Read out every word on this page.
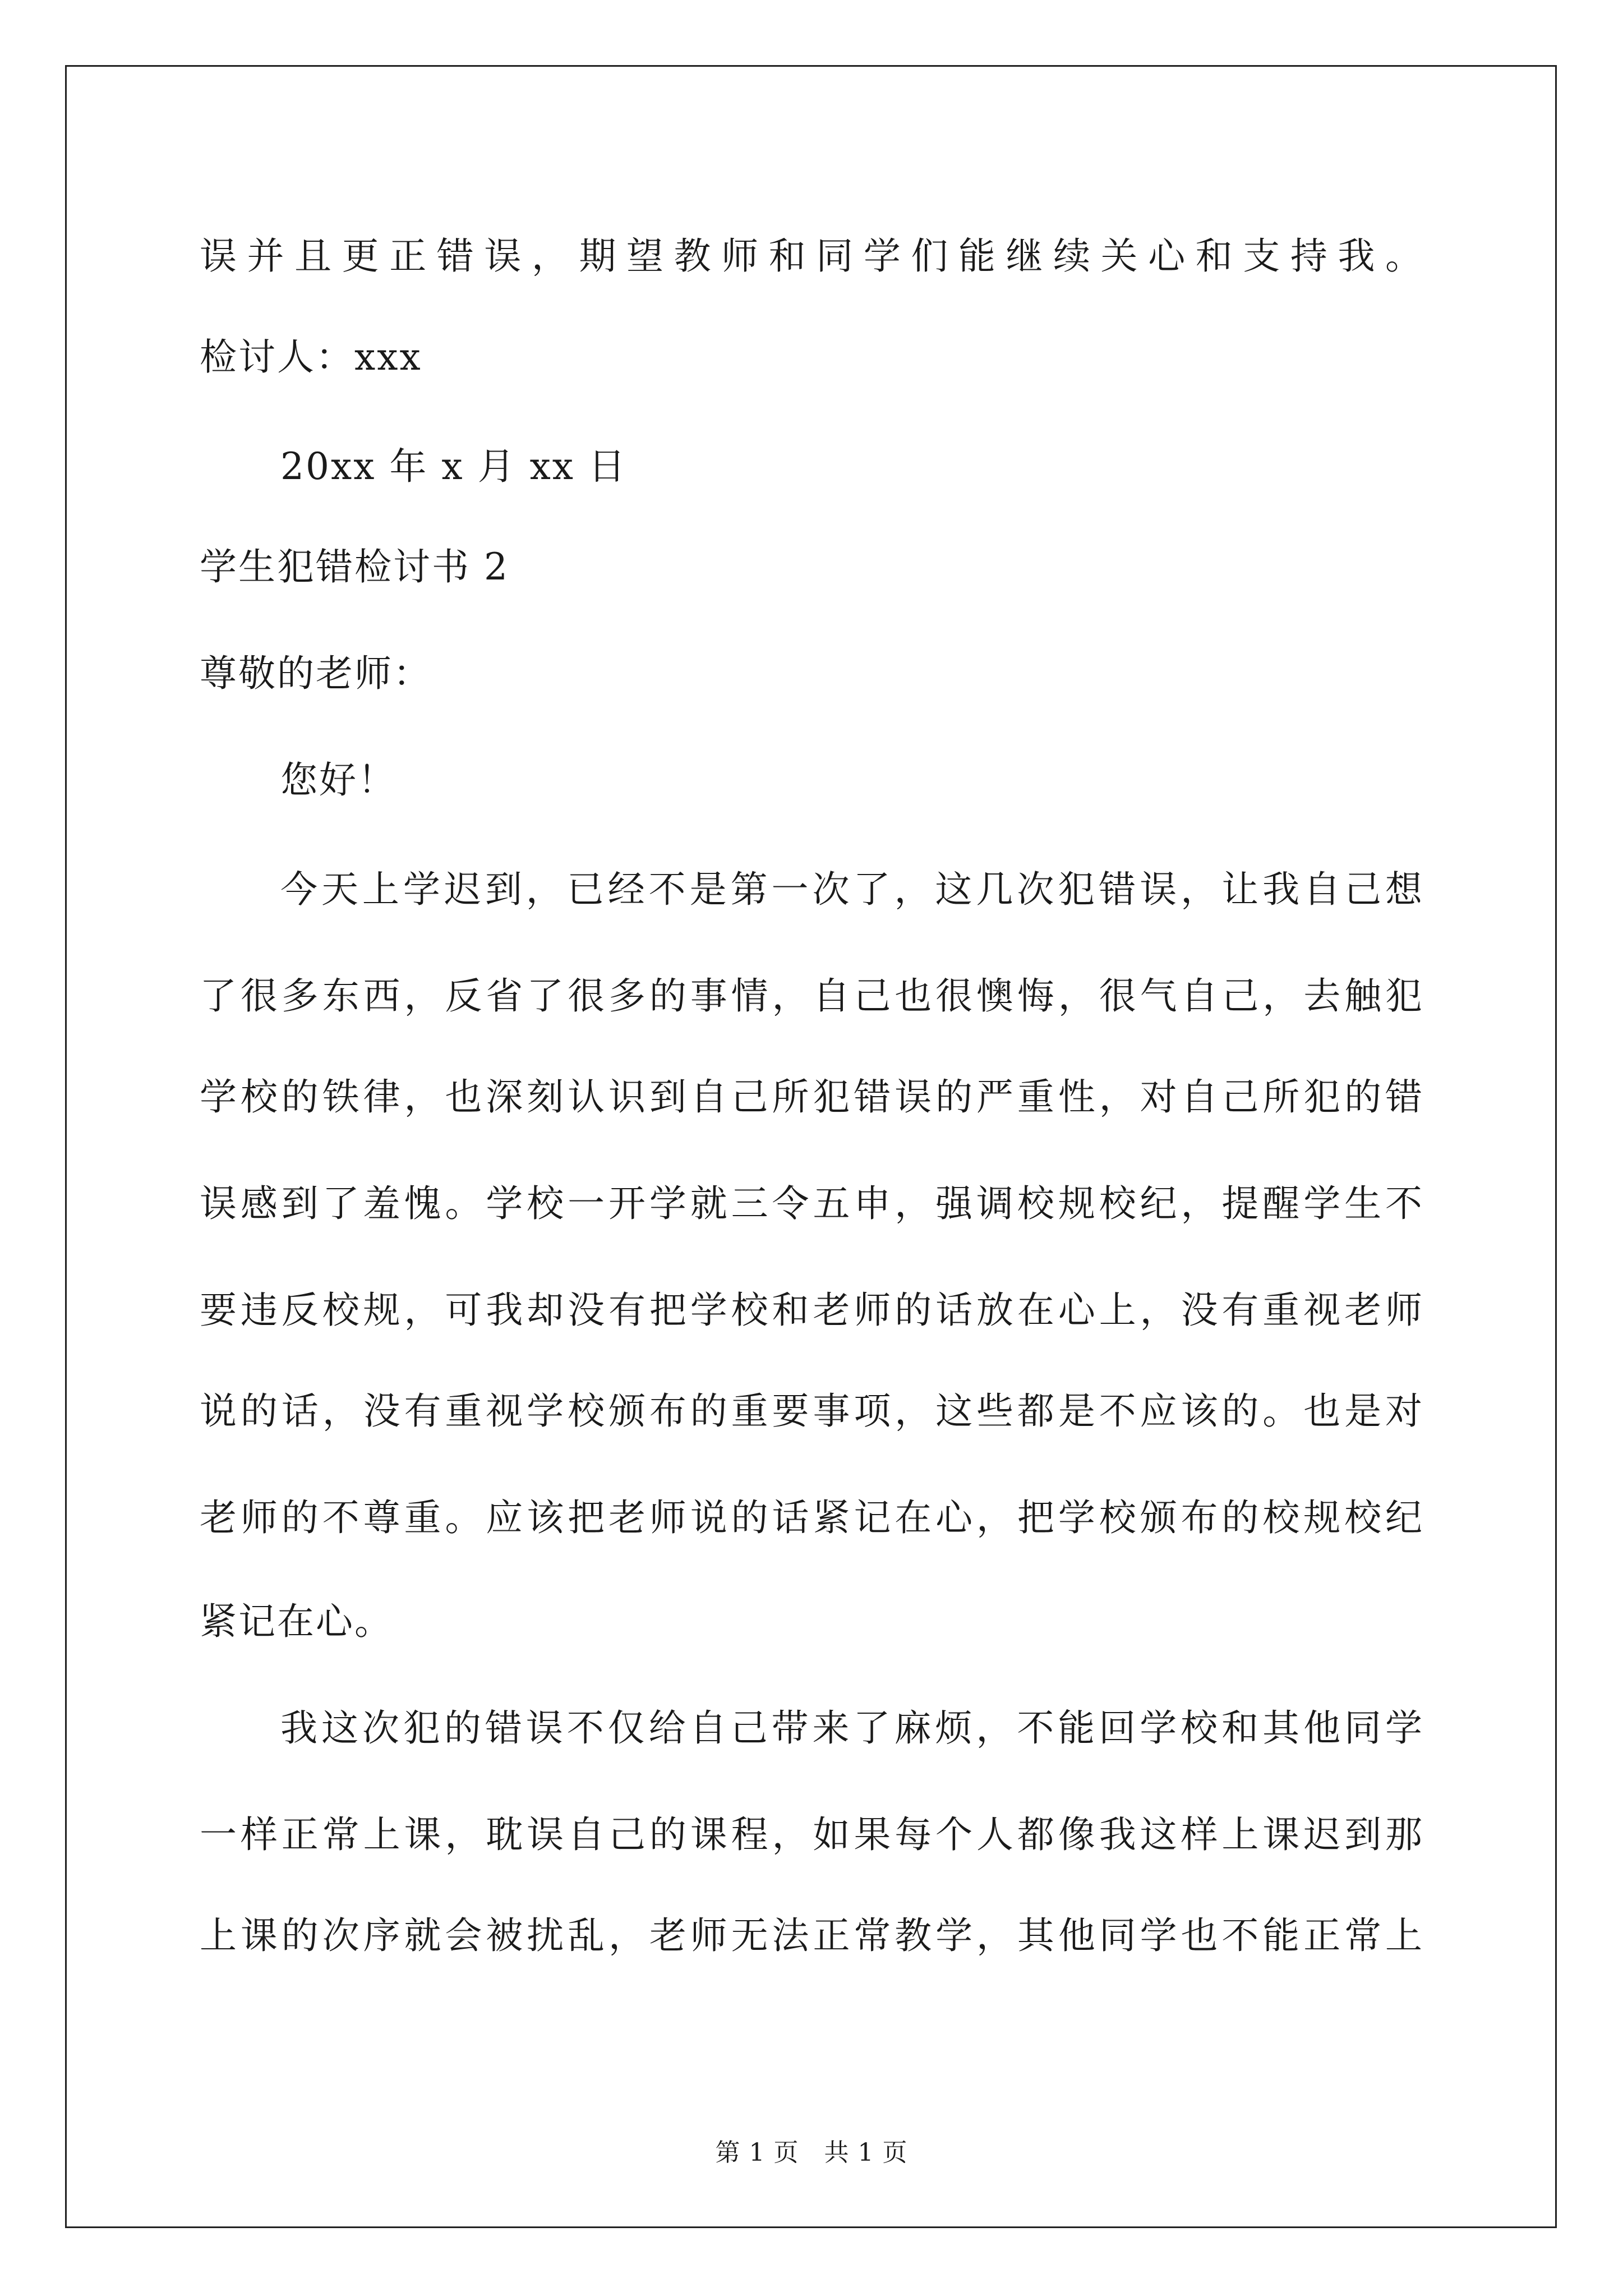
误并且更正错误，期望教师和同学们能继续关心和支持我。
检讨人：xxx
20xx 年 x 月 xx 日
学生犯错检讨书 2
尊敬的老师：
您好！
今天上学迟到，已经不是第一次了，这几次犯错误，让我自己想
了很多东西，反省了很多的事情，自己也很懊悔，很气自己，去触犯
学校的铁律，也深刻认识到自己所犯错误的严重性，对自己所犯的错
误感到了羞愧。学校一开学就三令五申，强调校规校纪，提醒学生不
要违反校规，可我却没有把学校和老师的话放在心上，没有重视老师
说的话，没有重视学校颁布的重要事项，这些都是不应该的。也是对
老师的不尊重。应该把老师说的话紧记在心，把学校颁布的校规校纪
紧记在心。
我这次犯的错误不仅给自己带来了麻烦，不能回学校和其他同学
一样正常上课，耽误自己的课程，如果每个人都像我这样上课迟到那
上课的次序就会被扰乱，老师无法正常教学，其他同学也不能正常上
第 1 页　共 1 页
